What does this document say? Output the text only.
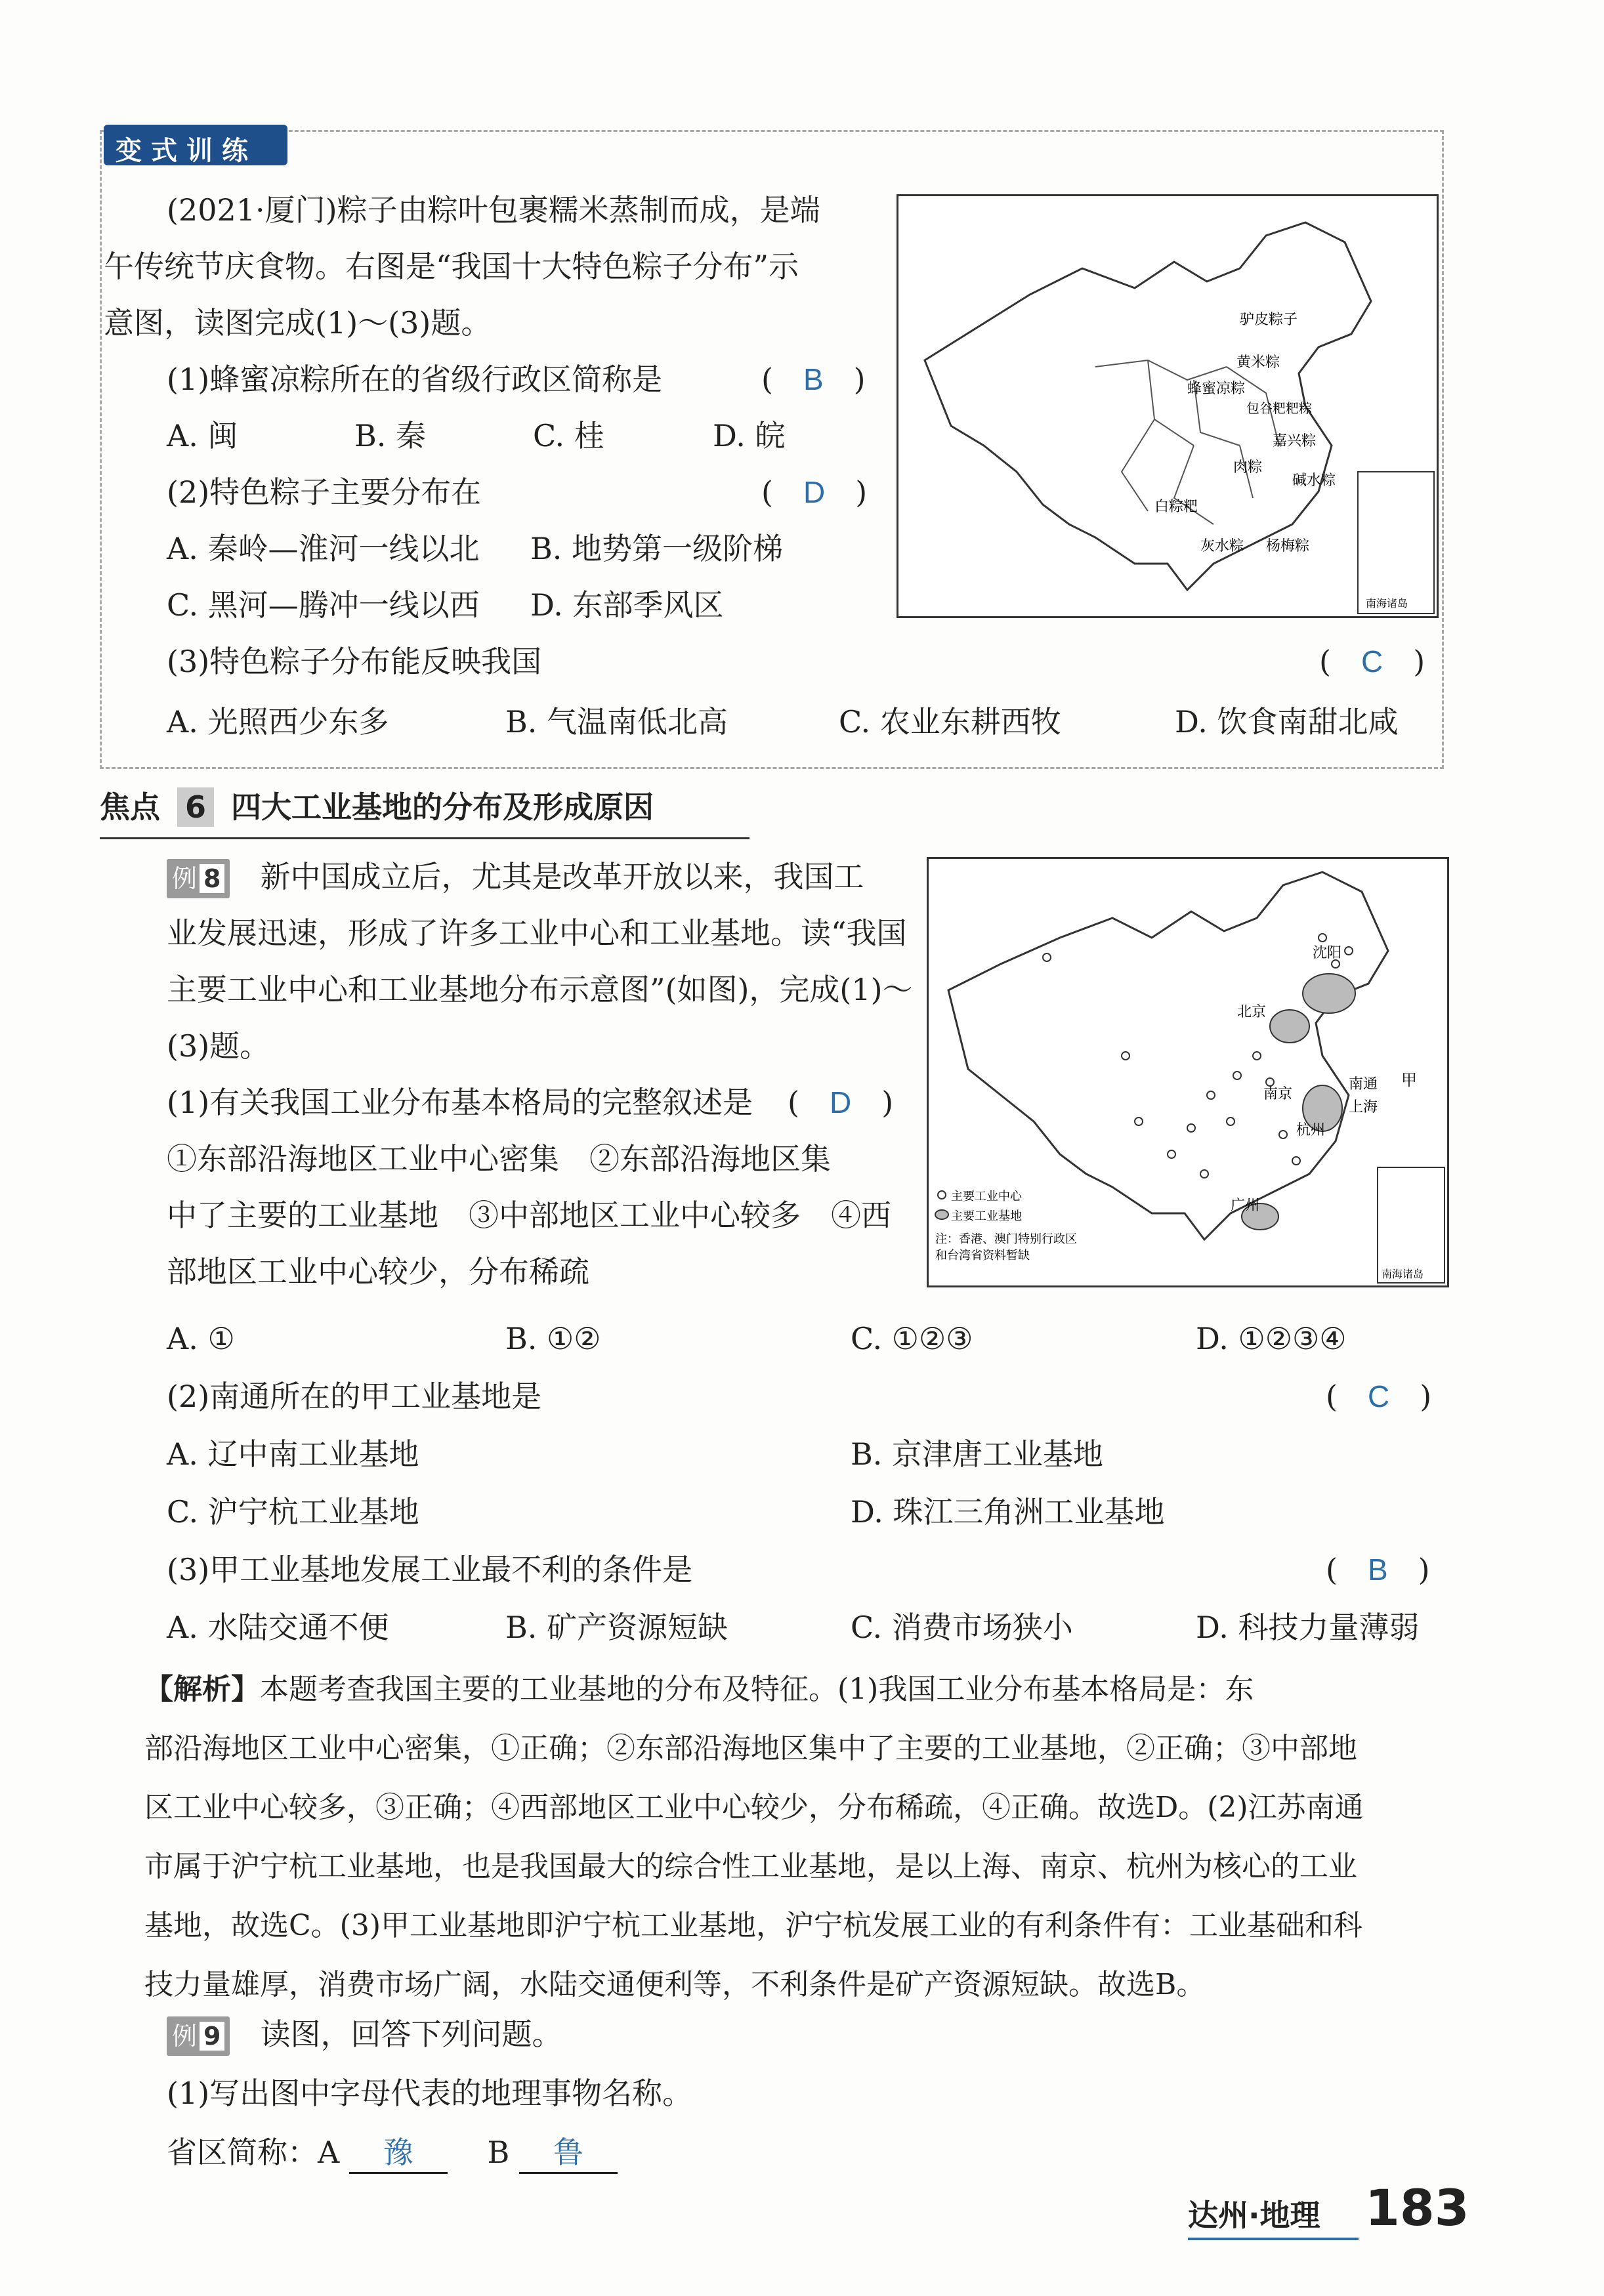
变式训练
(2021·厦门)粽子由粽叶包裹糯米蒸制而成，是端
午传统节庆食物。右图是“我国十大特色粽子分布”示
意图，读图完成(1)～(3)题。
(1)蜂蜜凉粽所在的省级行政区简称是	(　B　)
A. 闽	B. 秦	C. 桂	D. 皖
(2)特色粽子主要分布在	(　D　)
A. 秦岭—淮河一线以北 B. 地势第一级阶梯
C. 黑河—腾冲一线以西 D. 东部季风区
(3)特色粽子分布能反映我国	(　C　)
A. 光照西少东多	B. 气温南低北高	C. 农业东耕西牧	D. 饮食南甜北咸
驴皮粽子
黄米粽
蜂蜜凉粽
嘉兴粽
白粽粑
灰水粽
碱水粽
肉粽
杨梅粽
包谷粑粑粽
南海诸岛
焦点 6 四大工业基地的分布及形成原因
例 8　 新中国成立后，尤其是改革开放以来，我国工
业发展迅速，形成了许多工业中心和工业基地。读“我国
主要工业中心和工业基地分布示意图”(如图)，完成(1)～
(3)题。
(1)有关我国工业分布基本格局的完整叙述是 (　D　)
①东部沿海地区工业中心密集　②东部沿海地区集
中了主要的工业基地　③中部地区工业中心较多　④西
部地区工业中心较少，分布稀疏
沈阳
北京
南京
南通
上海
杭州
广州
甲
主要工业中心
主要工业基地
注：香港、澳门特别行政区
和台湾省资料暂缺
南海诸岛
A. ①	B. ①②	C. ①②③	D. ①②③④
(2)南通所在的甲工业基地是	(　C　)
A. 辽中南工业基地	B. 京津唐工业基地
C. 沪宁杭工业基地	D. 珠江三角洲工业基地
(3)甲工业基地发展工业最不利的条件是	(　B　)
A. 水陆交通不便	B. 矿产资源短缺	C. 消费市场狭小	D. 科技力量薄弱
【解析】本题考查我国主要的工业基地的分布及特征。(1)我国工业分布基本格局是：东
部沿海地区工业中心密集，①正确；②东部沿海地区集中了主要的工业基地，②正确；③中部地
区工业中心较多，③正确；④西部地区工业中心较少，分布稀疏，④正确。故选D。(2)江苏南通
市属于沪宁杭工业基地，也是我国最大的综合性工业基地，是以上海、南京、杭州为核心的工业
基地，故选C。(3)甲工业基地即沪宁杭工业基地，沪宁杭发展工业的有利条件有：工业基础和科
技力量雄厚，消费市场广阔，水陆交通便利等，不利条件是矿产资源短缺。故选B。
例 9　 读图，回答下列问题。
(1)写出图中字母代表的地理事物名称。
省区简称：A 豫 　 B 鲁
达州·地理 183
